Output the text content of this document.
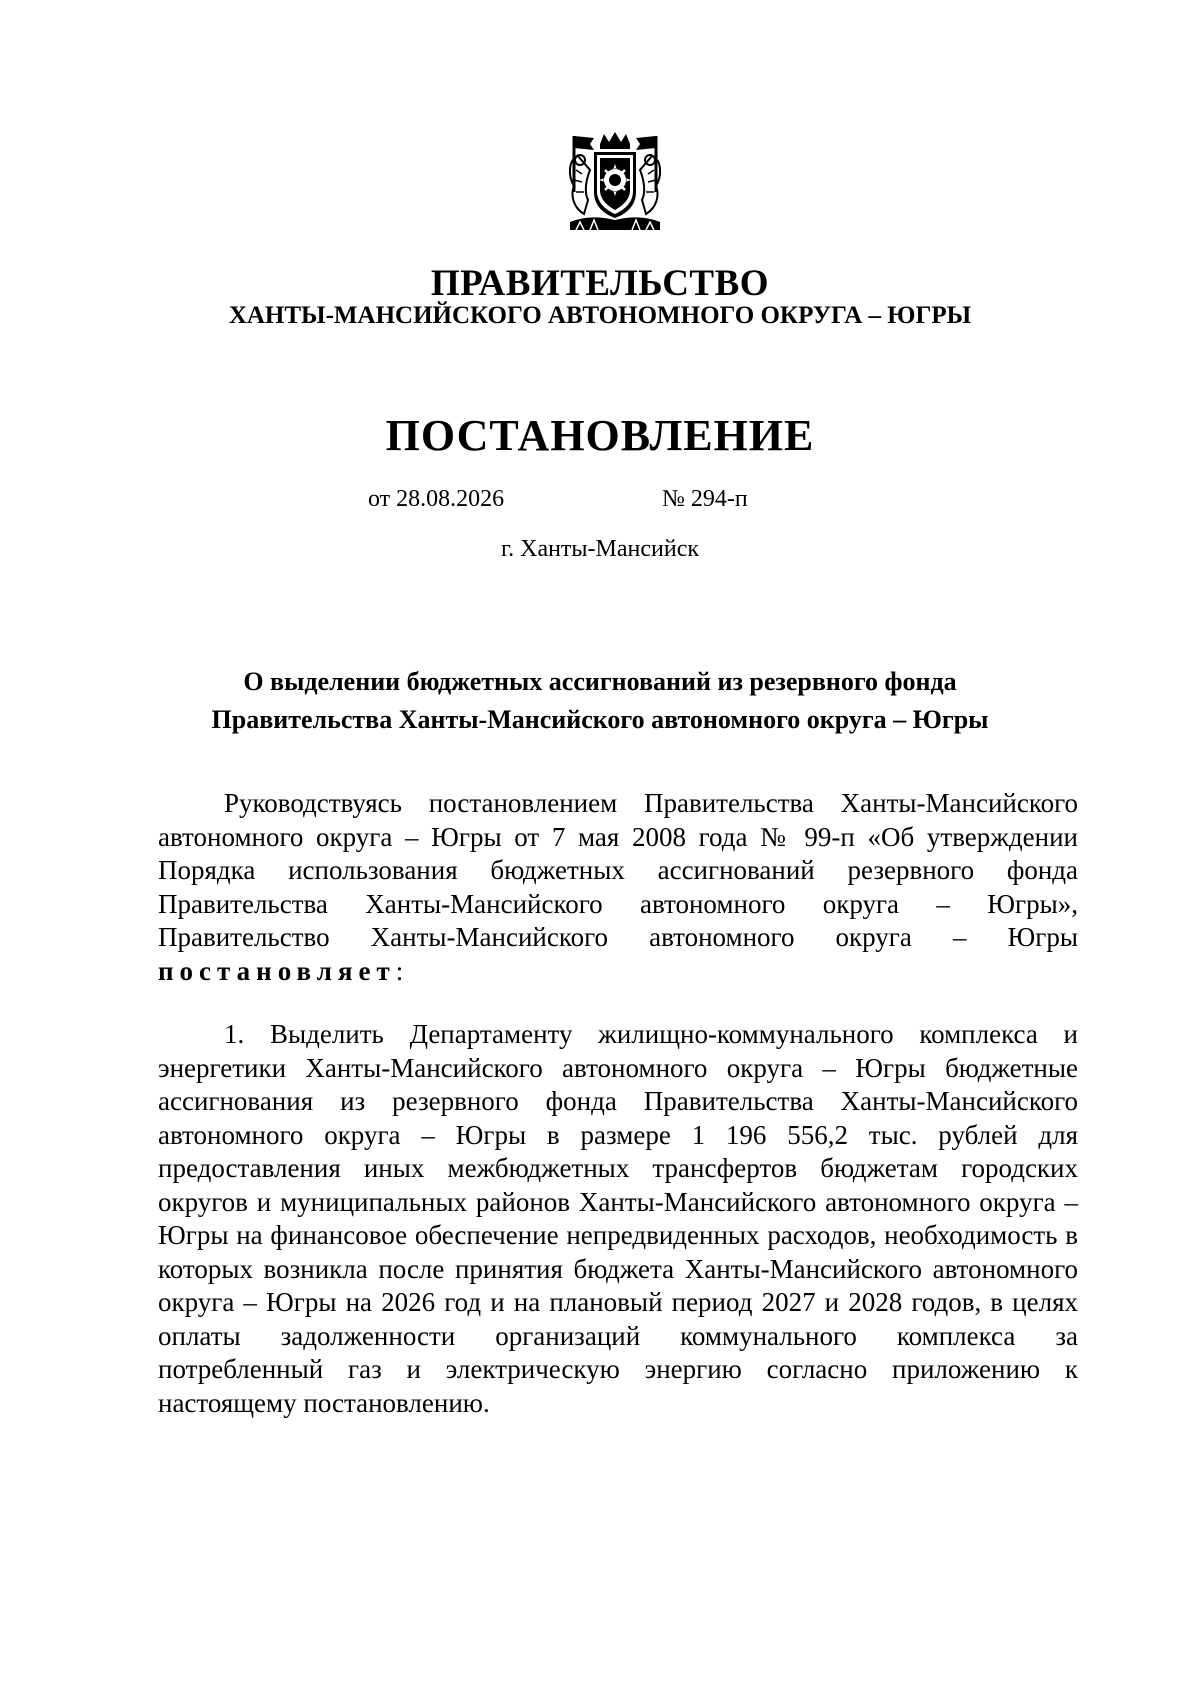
ПРАВИТЕЛЬСТВО
ХАНТЫ-МАНСИЙСКОГО АВТОНОМНОГО ОКРУГА – ЮГРЫ
ПОСТАНОВЛЕНИЕ
от 28.08.2026	№ 294-п
г. Ханты-Мансийск
О выделении бюджетных ассигнований из резервного фонда
Правительства Ханты-Мансийского автономного округа – Югры
Руководствуясь постановлением Правительства Ханты-Мансийского автономного округа – Югры от 7 мая 2008 года № 99-п «Об утверждении Порядка использования бюджетных ассигнований резервного фонда Правительства Ханты-Мансийского автономного округа – Югры», Правительство Ханты-Мансийского автономного округа – Югры постановляет:
1. Выделить Департаменту жилищно-коммунального комплекса и энергетики Ханты-Мансийского автономного округа – Югры бюджетные ассигнования из резервного фонда Правительства Ханты-Мансийского автономного округа – Югры в размере 1 196 556,2 тыс. рублей для предоставления иных межбюджетных трансфертов бюджетам городских округов и муниципальных районов Ханты-Мансийского автономного округа – Югры на финансовое обеспечение непредвиденных расходов, необходимость в которых возникла после принятия бюджета Ханты-Мансийского автономного округа – Югры на 2026 год и на плановый период 2027 и 2028 годов, в целях оплаты задолженности организаций коммунального комплекса за потребленный газ и электрическую энергию согласно приложению к настоящему постановлению.
